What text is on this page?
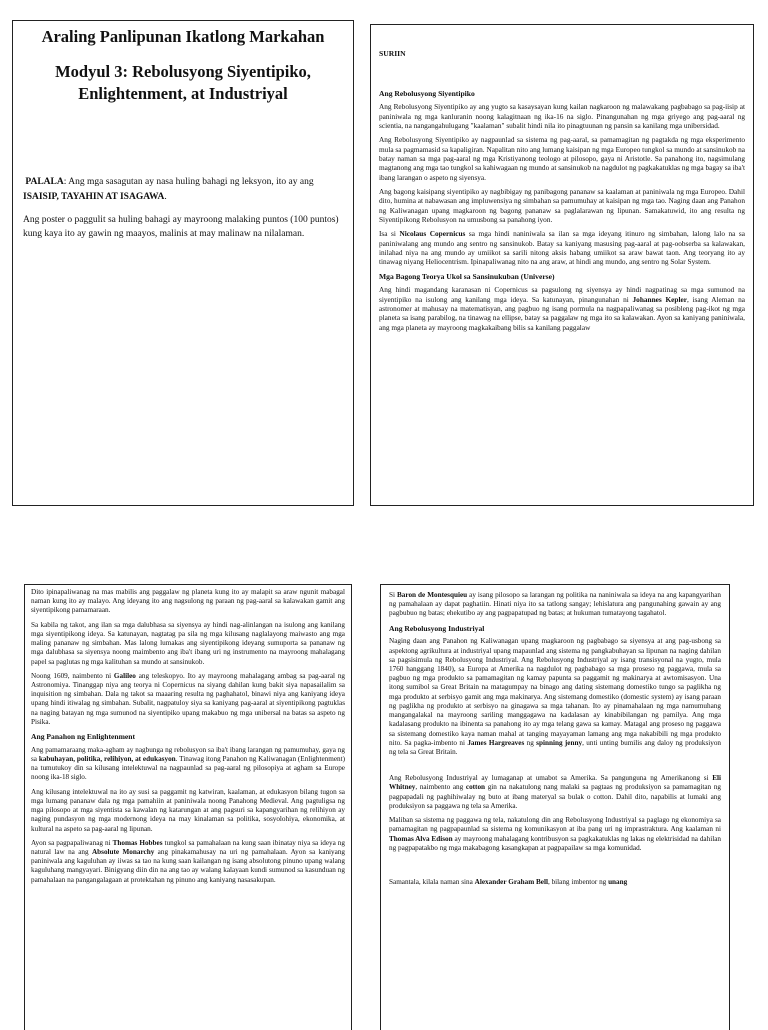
Araling Panlipunan Ikatlong Markahan
Modyul 3: Rebolusyong Siyentipiko, Enlightenment, at Industriyal

PALALA: Ang mga sasagutan ay nasa huling bahagi ng leksyon, ito ay ang ISAISIP, TAYAHIN AT ISAGAWA.

Ang poster o paggulit sa huling bahagi ay mayroong malaking puntos (100 puntos) kung kaya ito ay gawin ng maayos, malinis at may malinaw na nilalaman.

SURIIN
Ang Rebolusyong Siyentipiko

Ang Rebolusyong Siyentipiko ay ang yugto sa kasaysayan kung kailan nagkaroon ng malawakang pagbabago sa pag-iisip at paniniwala ng mga kanluranin noong kalagitnaan ng ika-16 na siglo. Pinangunahan ng mga griyego ang pag-aaral ng scientia, na nangangahulugang "kaalaman" subalit hindi nila ito pinagtuunan ng pansin sa kanilang mga unibersidad.

Ang Rebolusyong Siyentipiko ay nagpaunlad sa sistema ng pag-aaral, sa pamamagitan ng pagtakda ng mga eksperimento mula sa pagmamasid sa kapaligiran. Napalitan nito ang lumang kaisipan ng mga Europeo tungkol sa mundo at sansinukob na batay naman sa mga pag-aaral ng mga Kristiyanong teologo at pilosopo, gaya ni Aristotle. Sa panahong ito, nagsimulang magtanong ang mga tao tungkol sa kahiwagaan ng mundo at sansinukob na nagdulot ng pagkakatuklas ng mga bagay sa iba't ibang larangan o aspeto ng siyensya.

Ang bagong kaisipang siyentipiko ay nagbibigay ng panibagong pananaw sa kaalaman at paniniwala ng mga Europeo. Dahil dito, humina at nabawasan ang impluwensiya ng simbahan sa pamumuhay at kaisipan ng mga tao. Naging daan ang Panahon ng Kaliwanagan upang magkaroon ng bagong pananaw sa paglalarawan ng lipunan. Samakatuwid, ito ang resulta ng Siyentipikong Rebolusyon na umusbong sa panahong iyon.

Isa si Nicolaus Copernicus sa mga hindi naniniwala sa ilan sa mga ideyang itinuro ng simbahan, lalong lalo na sa paniniwalang ang mundo ang sentro ng sansinukob. Batay sa kaniyang masusing pag-aaral at pag-oobserba sa kalawakan, inilahad niya na ang mundo ay umiikot sa sarili nitong aksis habang umiikot sa araw bawat taon. Ang teoryang ito ay tinawag niyang Heliocentrism. Ipinapaliwanag nito na ang araw, at hindi ang mundo, ang sentro ng Solar System.

Mga Bagong Teorya Ukol sa Sansinukuban (Universe)

Ang hindi magandang karanasan ni Copernicus sa pagsulong ng siyensya ay hindi nagpatinag sa mga sumunod na siyentipiko na isulong ang kanilang mga ideya. Sa katunayan, pinangunahan ni Johannes Kepler, isang Aleman na astronomer at mahusay na matematisyan, ang pagbuo ng isang pormula na nagpapaliwanag sa posibleng pag-ikot ng mga planeta sa isang parabilog, na tinawag na ellipse, batay sa paggalaw ng mga ito sa kalawakan. Ayon sa kaniyang paniniwala, ang mga planeta ay mayroong magkakaibang bilis sa kanilang paggalaw

Dito ipinapaliwanag na mas mabilis ang paggalaw ng planeta kung ito ay malapit sa araw ngunit mabagal naman kung ito ay malayo. Ang ideyang ito ang nagsulong ng paraan ng pag-aaral sa kalawakan gamit ang siyentipikong pamamaraan.

Sa kabila ng takot, ang ilan sa mga dalubhasa sa siyensya ay hindi nag-alinlangan na isulong ang kanilang mga siyentipikong ideya. Sa katunayan, nagtatag pa sila ng mga kilusang naglalayong maiwasto ang mga maling pananaw ng simbahan. Mas lalong lumakas ang siyentipikong ideyang sumuporta sa pananaw ng mga dalubhasa sa siyensya noong maimbento ang iba't ibang uri ng instrumento na mayroong mahalagang papel sa paglutas ng mga kalituhan sa mundo at sansinukob.

Noong 1609, naimbento ni Galileo ang teleskopyo. Ito ay mayroong mahalagang ambag sa pag-aaral ng Astronomiya. Tinanggap niya ang teorya ni Copernicus na siyang dahilan kung bakit siya napasailalim sa inquisition ng simbahan. Dala ng takot sa maaaring resulta ng paghahatol, binawi niya ang kaniyang ideya upang hindi itiwalag ng simbahan. Subalit, nagpatuloy siya sa kaniyang pag-aaral at siyentipikong pagtuklas na naging batayan ng mga sumunod na siyentipiko upang makabuo ng mga unibersal na batas sa aspeto ng Pisika.

Ang Panahon ng Enlightenment

Ang pamamaraang maka-agham ay nagbunga ng rebolusyon sa iba't ibang larangan ng pamumuhay, gaya ng sa kabuhayan, politika, relihiyon, at edukasyon. Tinawag itong Panahon ng Kaliwanagan (Enlightenment) na tumutukoy din sa kilusang intelektuwal na nagpaunlad sa pag-aaral ng pilosopiya at agham sa Europe noong ika-18 siglo.

Ang kilusang intelektuwal na ito ay susi sa paggamit ng katwiran, kaalaman, at edukasyon bilang tugon sa mga lumang pananaw dala ng mga pamahiin at paniniwala noong Panahong Medieval. Ang pagtuligsa ng mga pilosopo at mga siyentista sa kawalan ng katarungan at ang pagsuri sa kapangyarihan ng relihiyon ay naging pundasyon ng mga modernong ideya na may kinalaman sa politika, sosyolohiya, ekonomika, at kultural na aspeto sa pag-aaral ng lipunan.

Ayon sa pagpapaliwanag ni Thomas Hobbes tungkol sa pamahalaan na kung saan ibinatay niya sa ideya ng natural law na ang Absolute Monarchy ang pinakamahusay na uri ng pamahalaan. Ayon sa kaniyang paniniwala ang kaguluhan ay iiwas sa tao na kung saan kailangan ng isang absolutong pinuno upang walang kaguluhang mangyayari. Binigyang diin din na ang tao ay walang kalayaan kundi sumunod sa kasunduan ng pamahalaan na pangangalagaan at protektahan ng pinuno ang kaniyang nasasakupan.

Si Baron de Montesquieu ay isang pilosopo sa larangan ng politika na naniniwala sa ideya na ang kapangyarihan ng pamahalaan ay dapat paghatiin. Hinati niya ito sa tatlong sangay; lehislatura ang pangunahing gawain ay ang pagbubuo ng batas; ehekutibo ay ang pagpapatupad ng batas; at hukuman tumatayong tagahatol.

Ang Rebolusyong Industriyal

Naging daan ang Panahon ng Kaliwanagan upang magkaroon ng pagbabago sa siyensya at ang pag-usbong sa aspektong agrikultura at industriyal upang mapaunlad ang sistema ng pangkabuhayan sa lipunan na naging dahilan sa pagsisimula ng Rebolusyong Industriyal. Ang Rebolusyong Industriyal ay isang transisyonal na yugto, mula 1760 hanggang 1840), sa Europa at Amerika na nagdulot ng pagbabago sa mga proseso ng paggawa, mula sa pagbuo ng mga produkto sa pamamagitan ng kamay papunta sa paggamit ng makinarya at awtomisasyon. Una itong sumibol sa Great Britain na matagumpay na binago ang dating sistemang domestiko tungo sa paglikha ng mga produkto at serbisyo gamit ang mga makinarya. Ang sistemang domestiko (domestic system) ay isang paraan ng paglikha ng produkto at serbisyo na ginagawa sa mga tahanan. Ito ay pinamahalaan ng mga namumuhang mangangalakal na mayroong sariling manggagawa na kadalasan ay kinabibilangan ng pamilya. Ang mga kadalasang produkto na ibinenta sa panahong ito ay mga telang gawa sa kamay. Matagal ang proseso ng paggawa sa sistemang domestiko kaya naman mahal at tanging mayayaman lamang ang mga nakabibili ng mga produkto nito. Sa pagka-imbento ni James Hargreaves ng spinning jenny, unti unting bumilis ang daloy ng produksiyon ng tela sa Great Britain.

Ang Rebolusyong Industriyal ay lumaganap at umabot sa Amerika. Sa pangunguna ng Amerikanong si Eli Whitney, naimbento ang cotton gin na nakatulong nang malaki sa pagtaas ng produksiyon sa pamamagitan ng pagpapadali ng paghihiwalay ng buto at ibang materyal sa bulak o cotton. Dahil dito, napabilis at lumaki ang produksiyon sa paggawa ng tela sa Amerika.

Maliban sa sistema ng paggawa ng tela, nakatulong din ang Rebolusyong Industriyal sa paglago ng ekonomiya sa pamamagitan ng pagpapaunlad sa sistema ng komunikasyon at iba pang uri ng imprastraktura. Ang kaalaman ni Thomas Alva Edison ay mayroong mahalagang kontribusyon sa pagkakatuklas ng lakas ng elektrisidad na dahilan ng pagpapatakbo ng mga makabagong kasangkapan at pagpapailaw sa mga komunidad.

Samantala, kilala naman sina Alexander Graham Bell, bilang imbentor ng unang
